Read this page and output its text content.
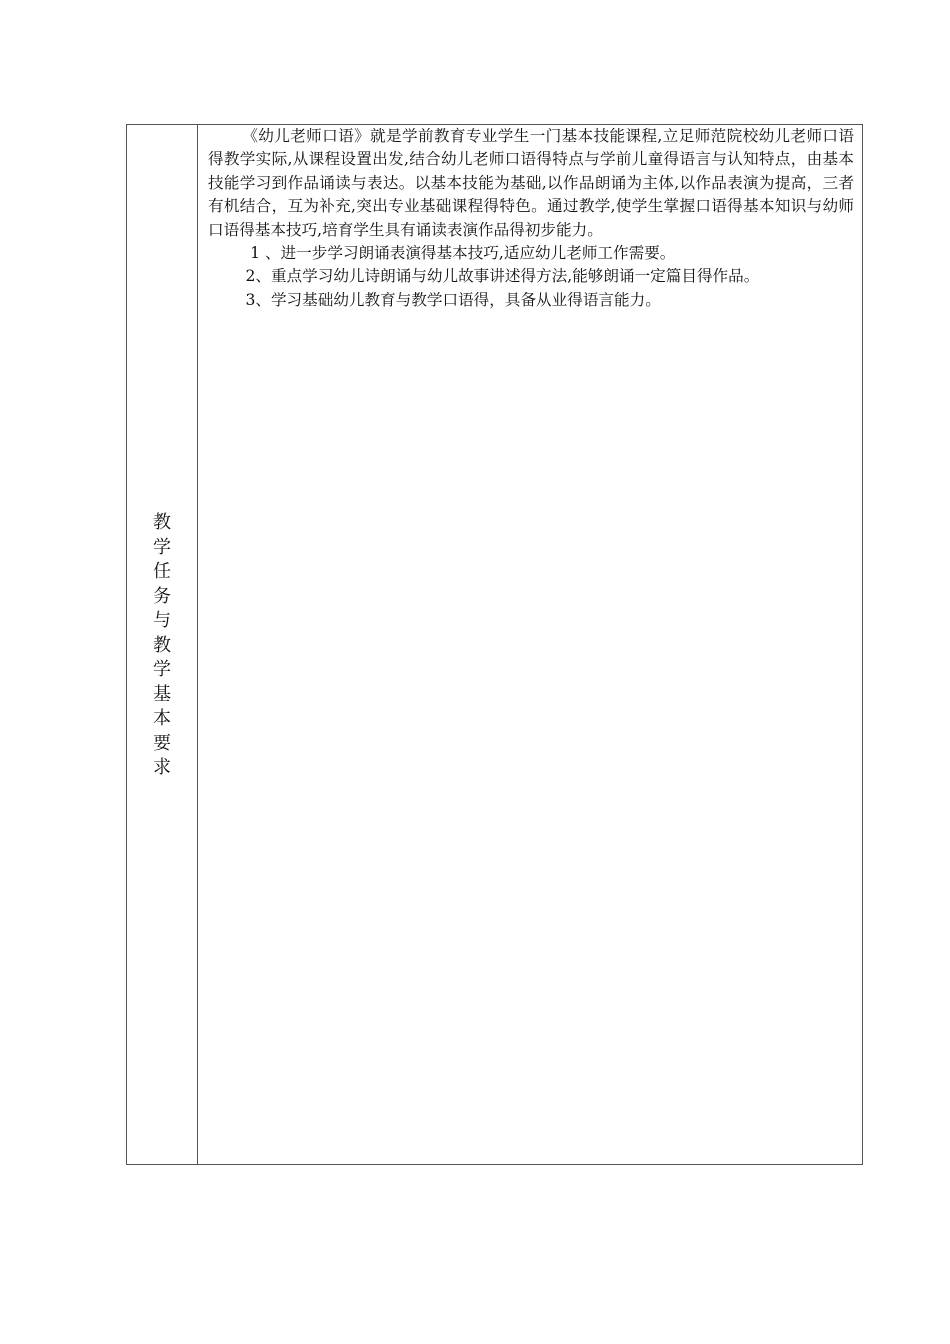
教学任务与教学基本要求

《幼儿老师口语》就是学前教育专业学生一门基本技能课程,立足师范院校幼儿老师口语得教学实际,从课程设置出发,结合幼儿老师口语得特点与学前儿童得语言与认知特点，由基本技能学习到作品诵读与表达。以基本技能为基础,以作品朗诵为主体,以作品表演为提高，三者有机结合，互为补充,突出专业基础课程得特色。通过教学,使学生掌握口语得基本知识与幼师口语得基本技巧,培育学生具有诵读表演作品得初步能力。

1 、进一步学习朗诵表演得基本技巧,适应幼儿老师工作需要。

2、重点学习幼儿诗朗诵与幼儿故事讲述得方法,能够朗诵一定篇目得作品。

3、学习基础幼儿教育与教学口语得，具备从业得语言能力。
